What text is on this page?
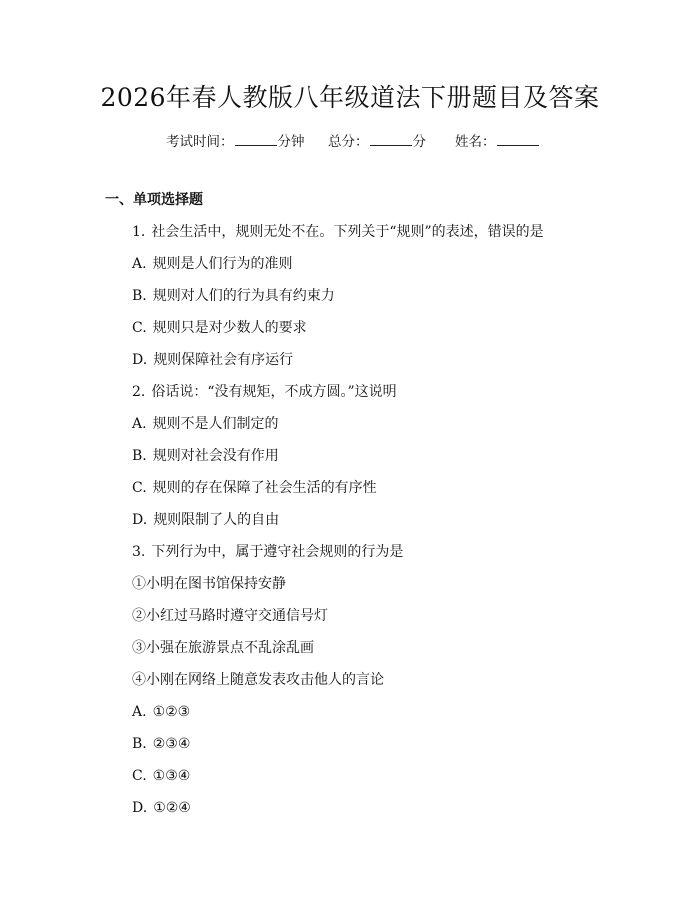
2026年春人教版八年级道法下册题目及答案
考试时间：	分钟 总分：	分 姓名：
一、单项选择题
1. 社会生活中，规则无处不在。下列关于“规则”的表述，错误的是
A. 规则是人们行为的准则
B. 规则对人们的行为具有约束力
C. 规则只是对少数人的要求
D. 规则保障社会有序运行
2. 俗话说：“没有规矩，不成方圆。”这说明
A. 规则不是人们制定的
B. 规则对社会没有作用
C. 规则的存在保障了社会生活的有序性
D. 规则限制了人的自由
3. 下列行为中，属于遵守社会规则的行为是
①小明在图书馆保持安静
②小红过马路时遵守交通信号灯
③小强在旅游景点不乱涂乱画
④小刚在网络上随意发表攻击他人的言论
A. ①②③
B. ②③④
C. ①③④
D. ①②④
